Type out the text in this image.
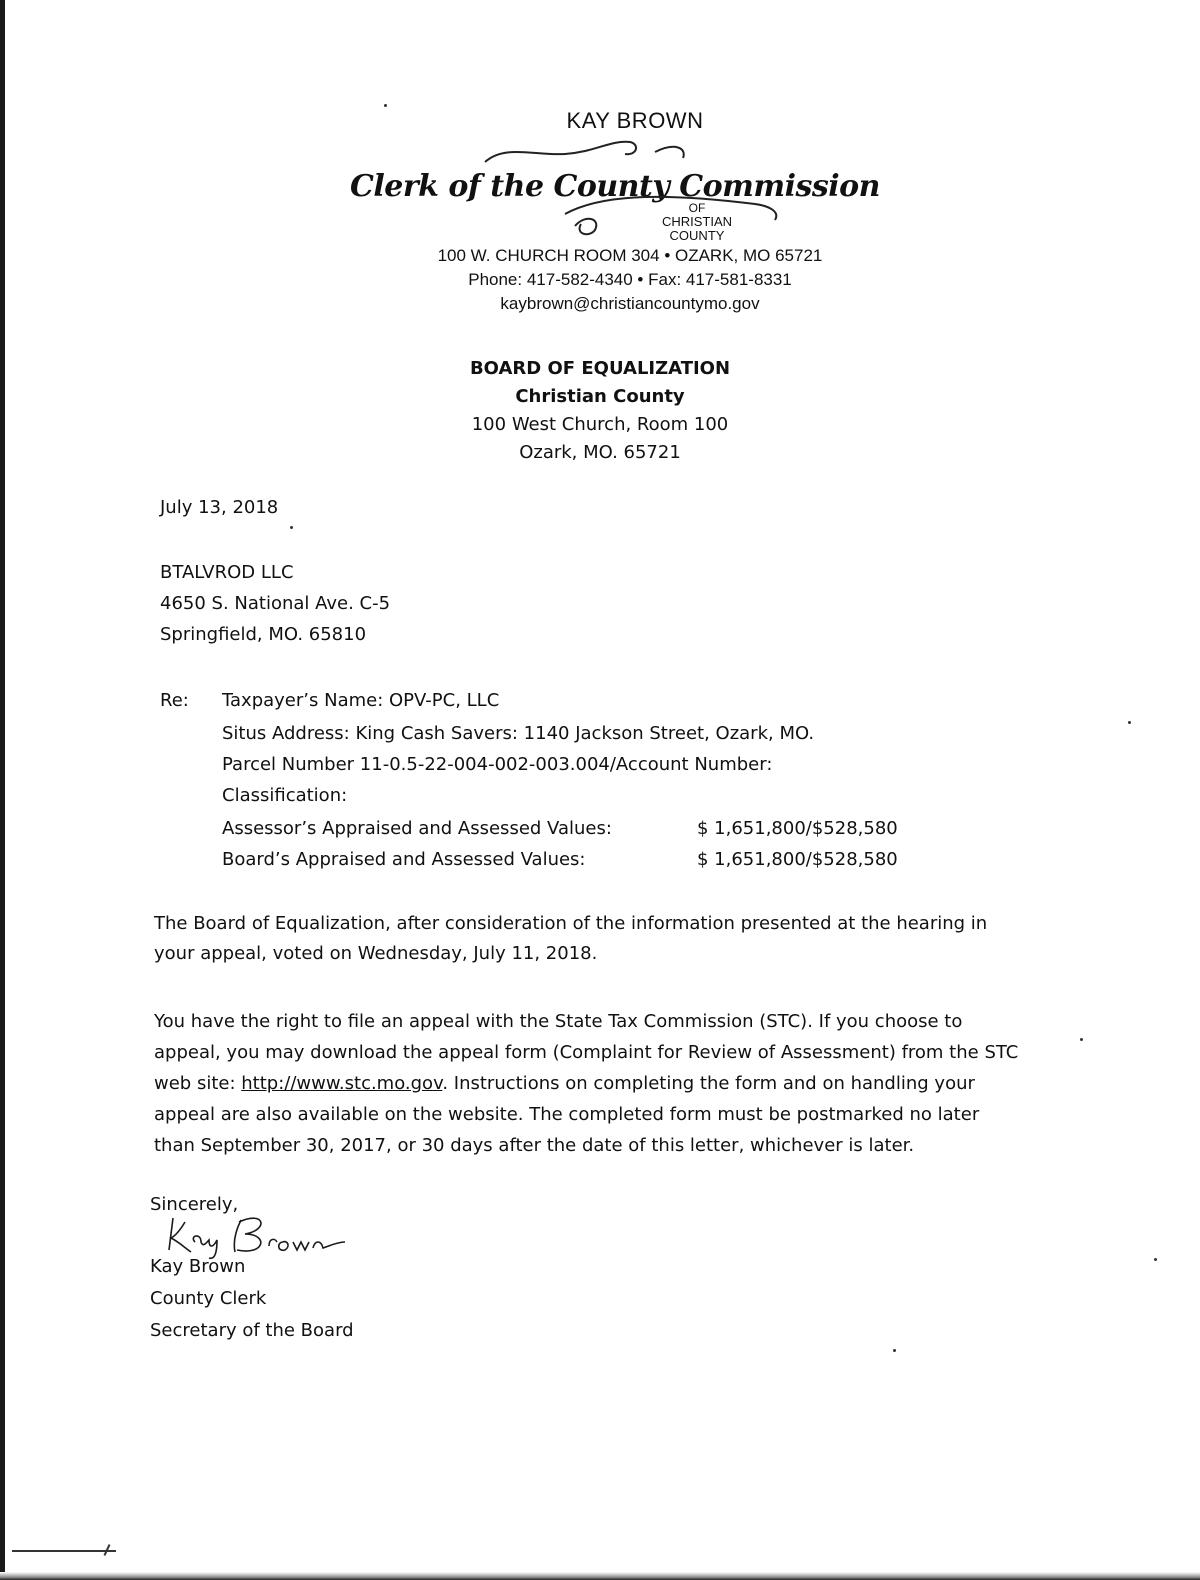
KAY BROWN
Clerk of the County Commission
OF
CHRISTIAN
COUNTY
100 W. CHURCH ROOM 304 • OZARK, MO 65721
Phone: 417-582-4340 • Fax: 417-581-8331
kaybrown@christiancountymo.gov
BOARD OF EQUALIZATION
Christian County
100 West Church, Room 100
Ozark, MO. 65721
July 13, 2018
BTALVROD LLC
4650 S. National Ave. C-5
Springfield, MO. 65810
Re: Taxpayer’s Name: OPV-PC, LLC
Situs Address: King Cash Savers: 1140 Jackson Street, Ozark, MO.
Parcel Number 11-0.5-22-004-002-003.004/Account Number:
Classification:
Assessor’s Appraised and Assessed Values:	$ 1,651,800/$528,580
Board’s Appraised and Assessed Values:	$ 1,651,800/$528,580
The Board of Equalization, after consideration of the information presented at the hearing in
your appeal, voted on Wednesday, July 11, 2018.
You have the right to file an appeal with the State Tax Commission (STC). If you choose to
appeal, you may download the appeal form (Complaint for Review of Assessment) from the STC
web site: http://www.stc.mo.gov. Instructions on completing the form and on handling your
appeal are also available on the website. The completed form must be postmarked no later
than September 30, 2017, or 30 days after the date of this letter, whichever is later.
Sincerely,
Kay Brown
County Clerk
Secretary of the Board
